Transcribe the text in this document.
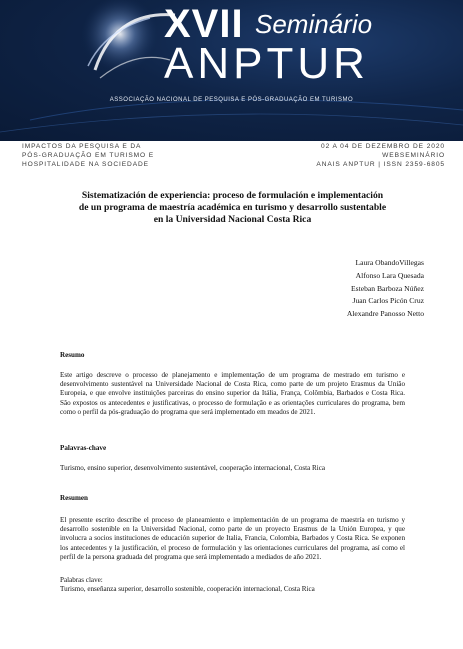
XVII Seminário
ANPTUR
ASSOCIAÇÃO NACIONAL DE PESQUISA E PÓS-GRADUAÇÃO EM TURISMO
IMPACTOS DA PESQUISA E DA
PÓS-GRADUAÇÃO EM TURISMO E
HOSPITALIDADE NA SOCIEDADE
02 A 04 DE DEZEMBRO DE 2020
WEBSEMINÁRIO
ANAIS ANPTUR | ISSN 2359-6805
Sistematización de experiencia: proceso de formulación e implementación
de un programa de maestría académica en turismo y desarrollo sustentable
en la Universidad Nacional Costa Rica
Laura ObandoVillegas
Alfonso Lara Quesada
Esteban Barboza Núñez
Juan Carlos Picón Cruz
Alexandre Panosso Netto
Resumo
Este artigo descreve o processo de planejamento e implementação de um programa de mestrado em turismo e desenvolvimento sustentável na Universidade Nacional de Costa Rica, como parte de um projeto Erasmus da União Europeia, e que envolve instituições parceiras do ensino superior da Itália, França, Colômbia, Barbados e Costa Rica. São expostos os antecedentes e justificativas, o processo de formulação e as orientações curriculares do programa, bem como o perfil da pós-graduação do programa que será implementado em meados de 2021.
Palavras-chave
Turismo, ensino superior, desenvolvimento sustentável, cooperação internacional, Costa Rica
Resumen
El presente escrito describe el proceso de planeamiento e implementación de un programa de maestría en turismo y desarrollo sostenible en la Universidad Nacional, como parte de un proyecto Erasmus de la Unión Europea, y que involucra a socios instituciones de educación superior de Italia, Francia, Colombia, Barbados y Costa Rica. Se exponen los antecedentes y la justificación, el proceso de formulación y las orientaciones curriculares del programa, así como el perfil de la persona graduada del programa que será implementado a mediados de año 2021.
Palabras clave:
Turismo, enseñanza superior, desarrollo sostenible, cooperación internacional, Costa Rica
